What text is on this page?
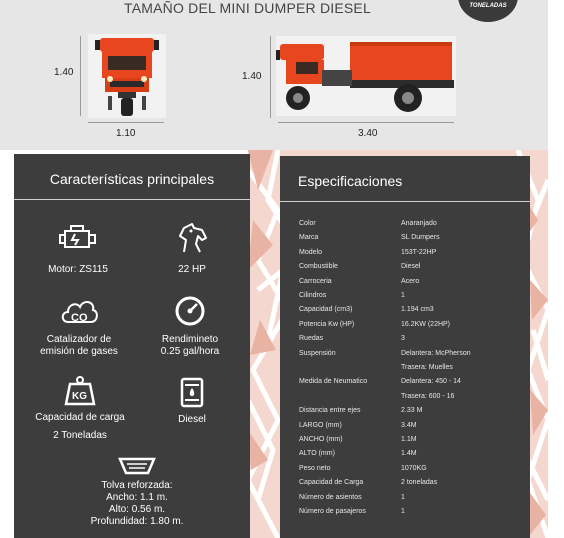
TAMAÑO DEL MINI DUMPER DIESEL	TONELADAS
1.40
1.10
1.40
3.40
Características principales
Motor: ZS115	22 HP
CO
Catalizador de
emisión de gases
Rendimineto
0.25 gal/hora
KG
Capacidad de carga
2 Toneladas
Diesel
Tolva reforzada:
Ancho: 1.1 m.
Alto: 0.56 m.
Profundidad: 1.80 m.
Especificaciones
Color	Anaranjado
Marca	SL Dumpers
Modelo	153T-22HP
Combustible	Diesel
Carroceria	Acero
Cilindros	1
Capacidad (cm3)	1.194 cm3
Potencia Kw (HP)	16.2KW (22HP)
Ruedas	3
Suspensión	Delantera: McPherson
Trasera: Muelles
Medida de Neumatico	Delantera: 450 - 14
Trasera: 600 - 16
Distancia entre ejes	2.33 M
LARGO (mm)	3.4M
ANCHO (mm)	1.1M
ALTO (mm)	1.4M
Peso neto	1070KG
Capacidad de Carga	2 toneladas
Número de asientos	1
Número de pasajeros	1
